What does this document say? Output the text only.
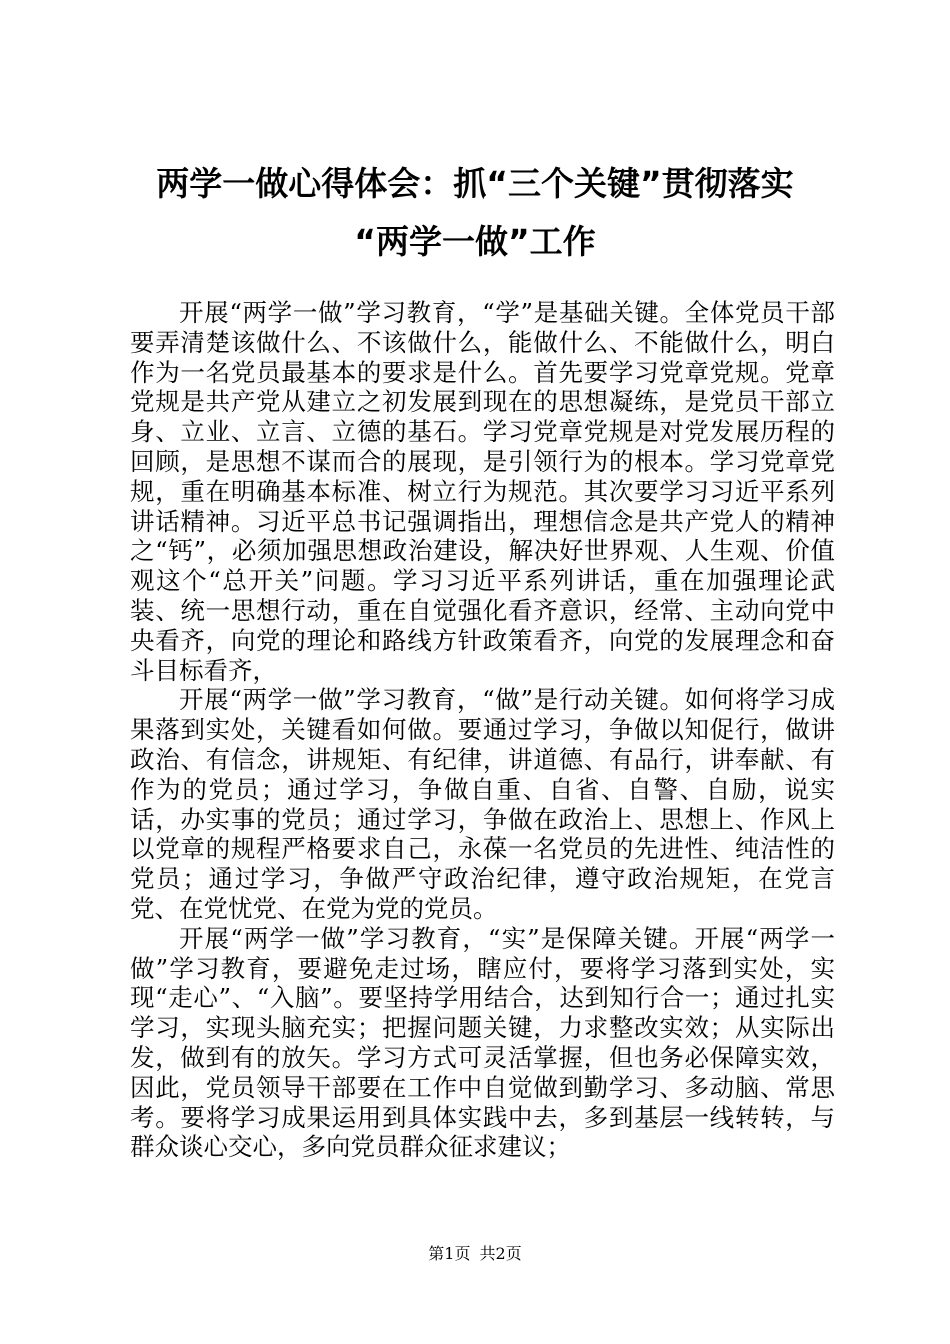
两学一做心得体会：抓“三个关键”贯彻落实
“两学一做”工作

开展“两学一做”学习教育，“学”是基础关键。全体党员干部要弄清楚该做什么、不该做什么，能做什么、不能做什么，明白作为一名党员最基本的要求是什么。首先要学习党章党规。党章党规是共产党从建立之初发展到现在的思想凝练，是党员干部立身、立业、立言、立德的基石。学习党章党规是对党发展历程的回顾，是思想不谋而合的展现，是引领行为的根本。学习党章党规，重在明确基本标准、树立行为规范。其次要学习习近平系列讲话精神。习近平总书记强调指出，理想信念是共产党人的精神之“钙”，必须加强思想政治建设，解决好世界观、人生观、价值观这个“总开关”问题。学习习近平系列讲话，重在加强理论武装、统一思想行动，重在自觉强化看齐意识，经常、主动向党中央看齐，向党的理论和路线方针政策看齐，向党的发展理念和奋斗目标看齐，

开展“两学一做”学习教育，“做”是行动关键。如何将学习成果落到实处，关键看如何做。要通过学习，争做以知促行，做讲政治、有信念，讲规矩、有纪律，讲道德、有品行，讲奉献、有作为的党员；通过学习，争做自重、自省、自警、自励，说实话，办实事的党员；通过学习，争做在政治上、思想上、作风上以党章的规程严格要求自己，永葆一名党员的先进性、纯洁性的党员；通过学习，争做严守政治纪律，遵守政治规矩，在党言党、在党忧党、在党为党的党员。

开展“两学一做”学习教育，“实”是保障关键。开展“两学一做”学习教育，要避免走过场，瞎应付，要将学习落到实处，实现“走心”、“入脑”。要坚持学用结合，达到知行合一；通过扎实学习，实现头脑充实；把握问题关键，力求整改实效；从实际出发，做到有的放矢。学习方式可灵活掌握，但也务必保障实效，因此，党员领导干部要在工作中自觉做到勤学习、多动脑、常思考。要将学习成果运用到具体实践中去，多到基层一线转转，与群众谈心交心，多向党员群众征求建议；

第1页 共2页
